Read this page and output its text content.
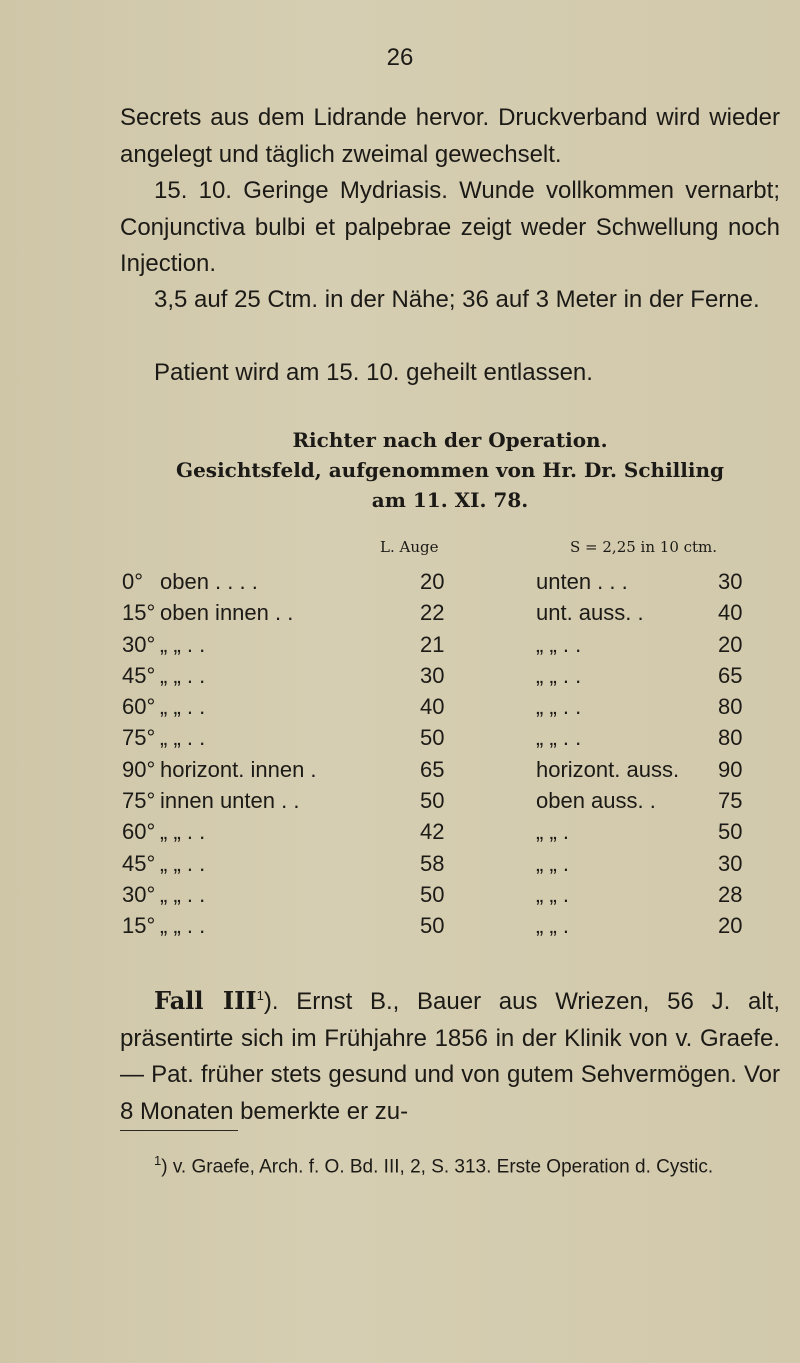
26

Secrets aus dem Lidrande hervor. Druckverband wird wieder angelegt und täglich zweimal gewechselt.

15. 10. Geringe Mydriasis. Wunde vollkommen vernarbt; Conjunctiva bulbi et palpebrae zeigt weder Schwellung noch Injection.

3,5 auf 25 Ctm. in der Nähe; 36 auf 3 Meter in der Ferne.

Patient wird am 15. 10. geheilt entlassen.

Richter nach der Operation.
Gesichtsfeld, aufgenommen von Hr. Dr. Schilling
am 11. XI. 78.
L. Auge	S = 2,25 in 10 ctm.
0° oben . . . .	20	unten . . .	30
15° oben innen . .	22	unt. auss. .	40
30° „ „ . .	21	„ „ . .	20
45° „ „ . .	30	„ „ . .	65
60° „ „ . .	40	„ „ . .	80
75° „ „ . .	50	„ „ . .	80
90° horizont. innen .	65	horizont. auss. 90
75° innen unten . .	50	oben auss. .	75
60° „ „ . .	42	„ „ .	50
45° „ „ . .	58	„ „ .	30
30° „ „ . .	50	„ „ .	28
15° „ „ . .	50	„ „ .	20

Fall III$^1$). Ernst B., Bauer aus Wriezen, 56 J. alt, präsentirte sich im Frühjahre 1856 in der Klinik von v. Graefe. — Pat. früher stets gesund und von gutem Sehvermögen. Vor 8 Monaten bemerkte er zu-

$^1$) v. Graefe, Arch. f. O. Bd. III, 2, S. 313. Erste Operation d. Cystic.
